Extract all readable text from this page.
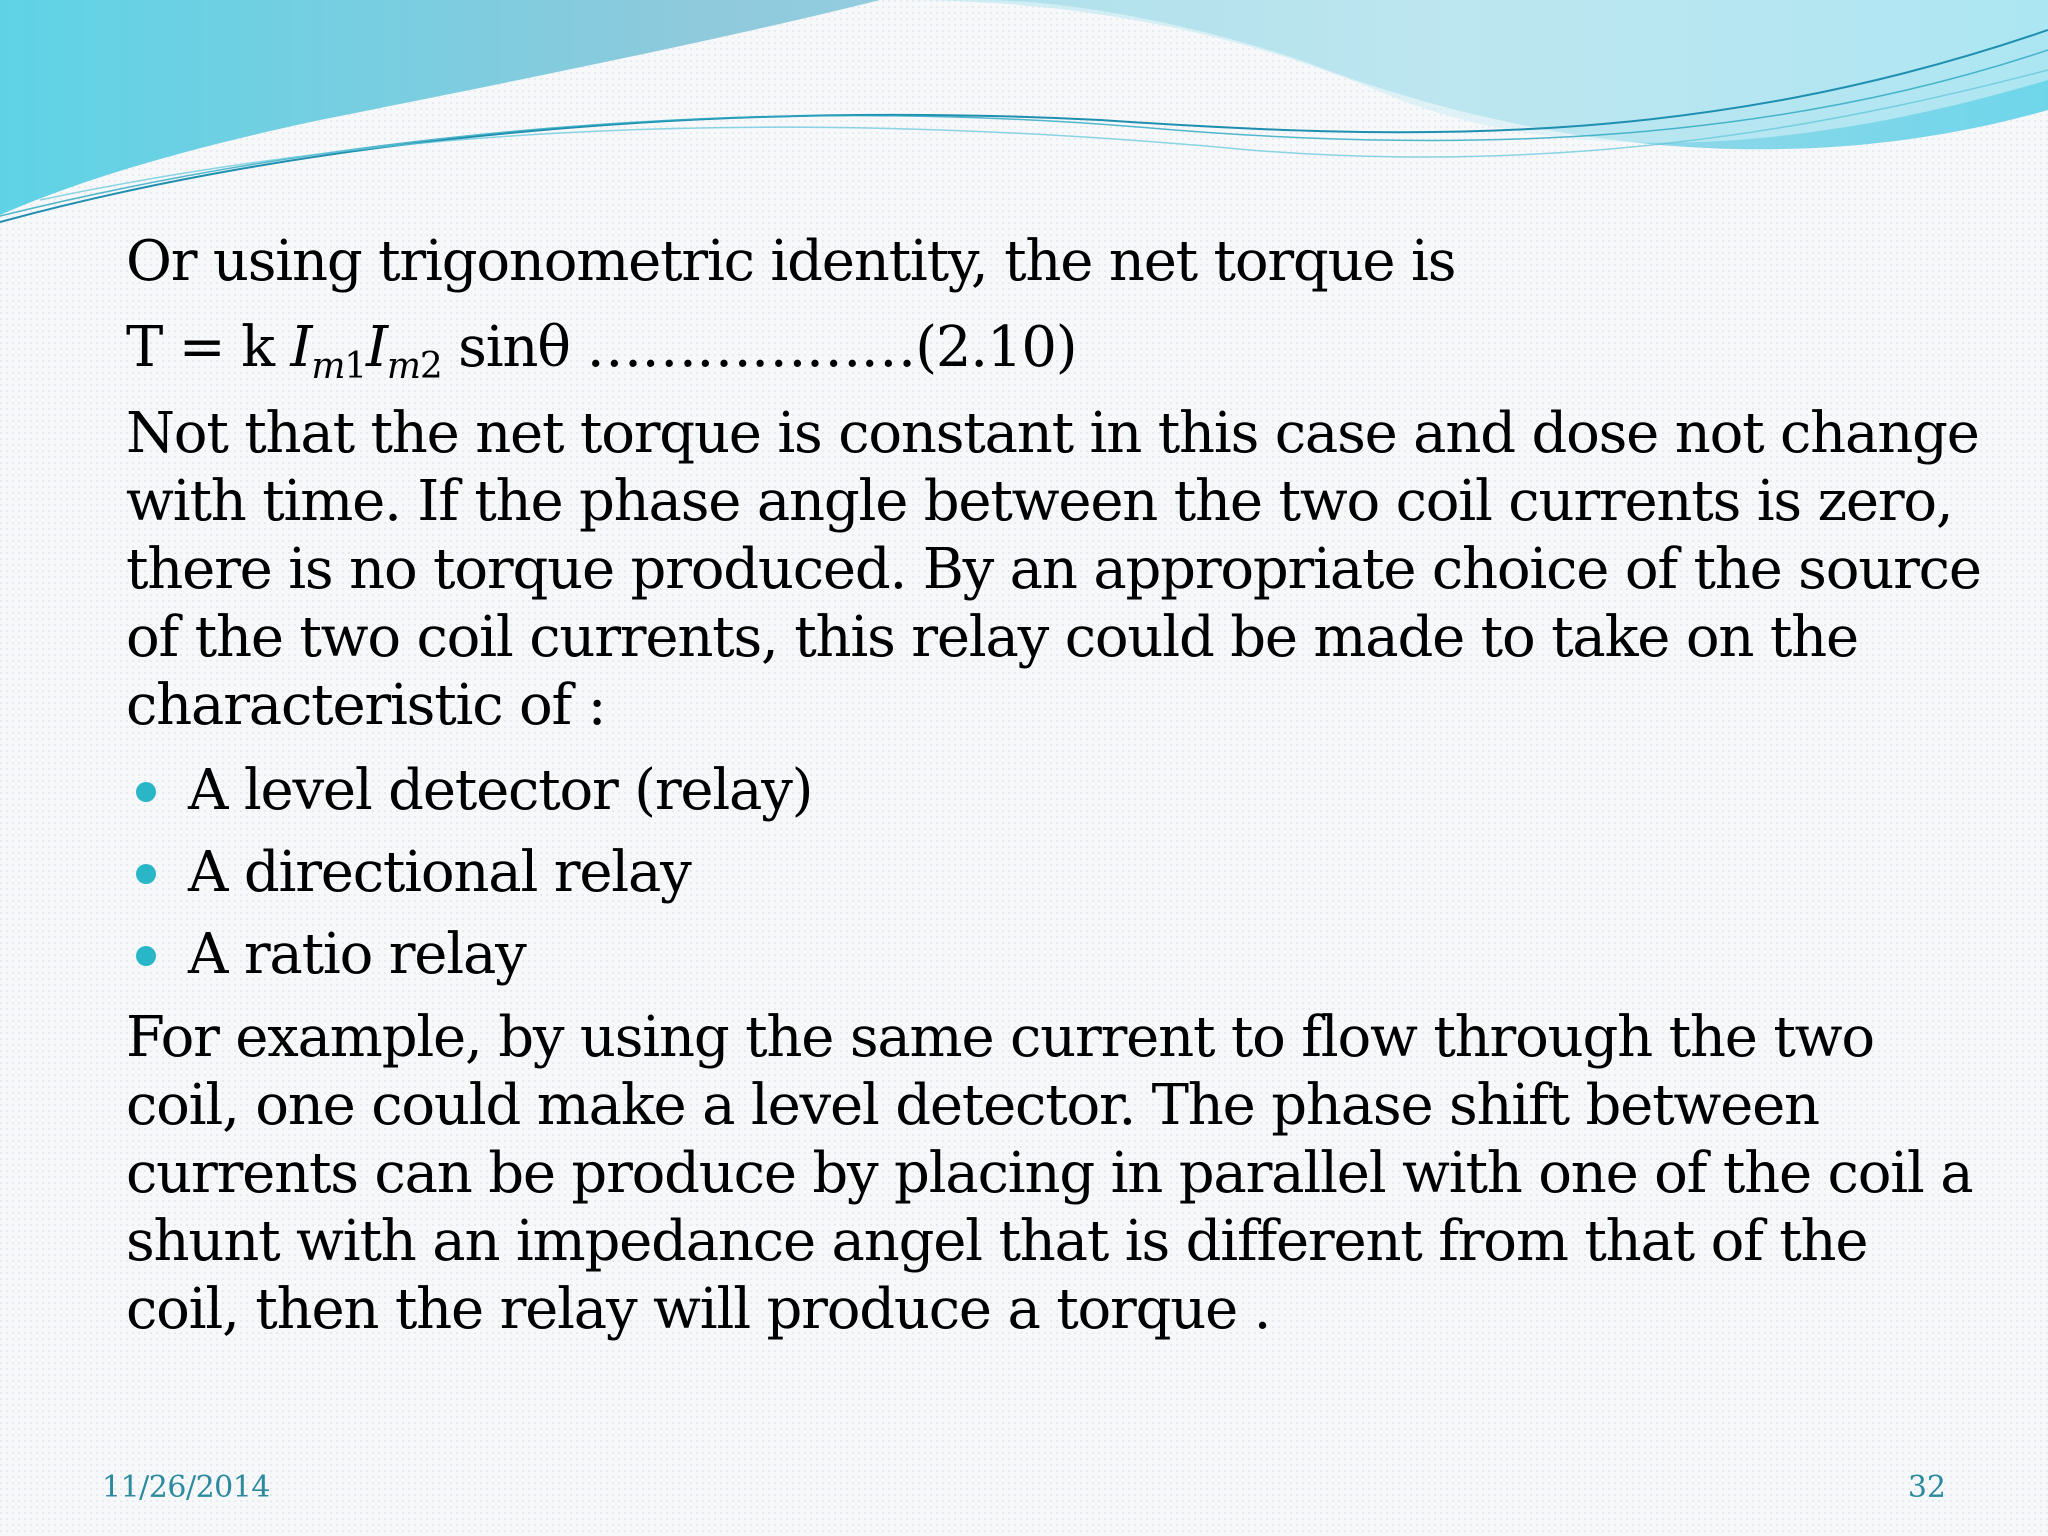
Or using trigonometric identity, the net torque is
T = k $I_{m1}I_{m2}$ sinθ ………………(2.10)
Not that the net torque is constant in this case and dose not change
with time. If the phase angle between the two coil currents is zero,
there is no torque produced. By an appropriate choice of the source
of the two coil currents, this relay could be made to take on the
characteristic of :
A level detector (relay)
A directional relay
A ratio relay
For example, by using the same current to flow through the two
coil, one could make a level detector. The phase shift between
currents can be produce by placing in parallel with one of the coil a
shunt with an impedance angel that is different from that of the
coil, then the relay will produce a torque .
11/26/2014	32
